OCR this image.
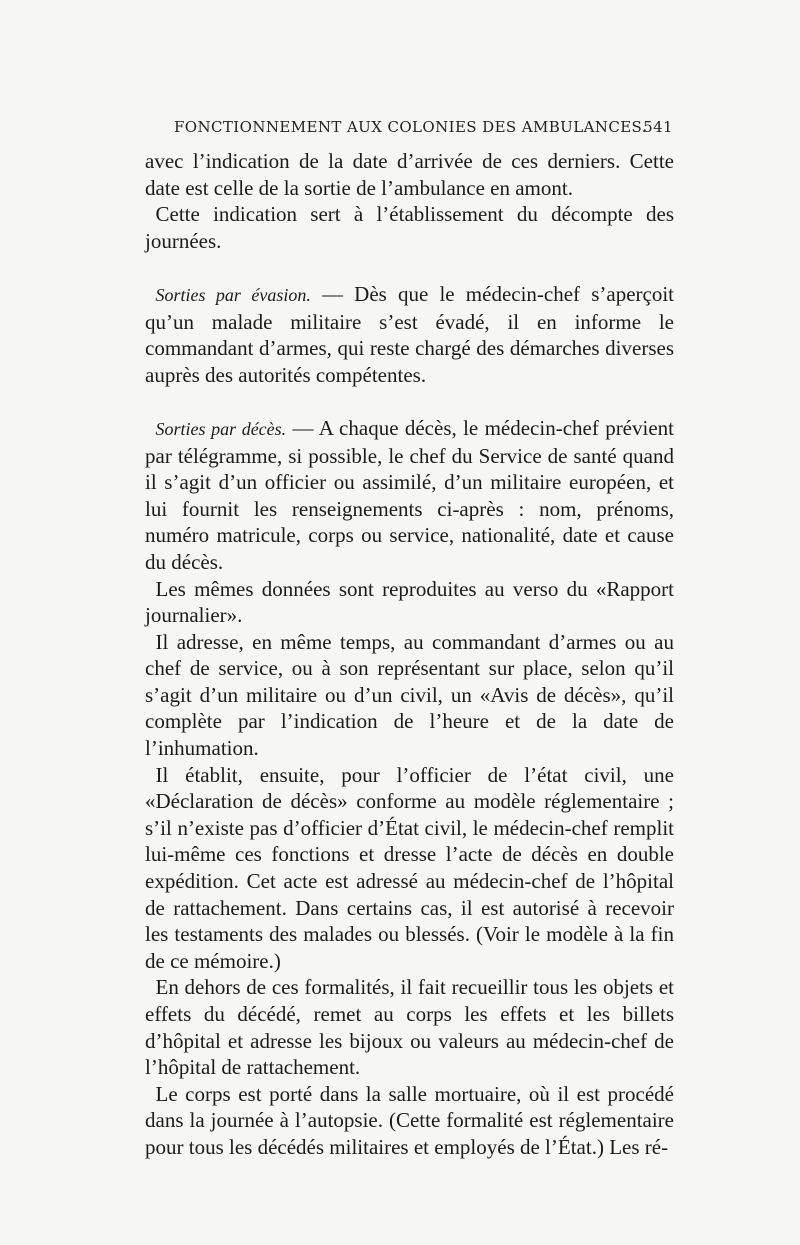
FONCTIONNEMENT AUX COLONIES DES AMBULANCES.
541

avec l’indication de la date d’arrivée de ces derniers. Cette date est celle de la sortie de l’ambulance en amont.

Cette indication sert à l’établissement du décompte des journées.

Sorties par évasion. — Dès que le médecin-chef s’aperçoit qu’un malade militaire s’est évadé, il en informe le commandant d’armes, qui reste chargé des démarches diverses auprès des autorités compétentes.

Sorties par décès. — A chaque décès, le médecin-chef prévient par télégramme, si possible, le chef du Service de santé quand il s’agit d’un officier ou assimilé, d’un militaire européen, et lui fournit les renseignements ci-après : nom, prénoms, numéro matricule, corps ou service, nationalité, date et cause du décès.

Les mêmes données sont reproduites au verso du «Rapport journalier».

Il adresse, en même temps, au commandant d’armes ou au chef de service, ou à son représentant sur place, selon qu’il s’agit d’un militaire ou d’un civil, un «Avis de décès», qu’il complète par l’indication de l’heure et de la date de l’inhumation.

Il établit, ensuite, pour l’officier de l’état civil, une «Déclaration de décès» conforme au modèle réglementaire ; s’il n’existe pas d’officier d’État civil, le médecin-chef remplit lui-même ces fonctions et dresse l’acte de décès en double expédition. Cet acte est adressé au médecin-chef de l’hôpital de rattachement. Dans certains cas, il est autorisé à recevoir les testaments des malades ou blessés. (Voir le modèle à la fin de ce mémoire.)

En dehors de ces formalités, il fait recueillir tous les objets et effets du décédé, remet au corps les effets et les billets d’hôpital et adresse les bijoux ou valeurs au médecin-chef de l’hôpital de rattachement.

Le corps est porté dans la salle mortuaire, où il est procédé dans la journée à l’autopsie. (Cette formalité est réglementaire pour tous les décédés militaires et employés de l’État.) Les ré-
